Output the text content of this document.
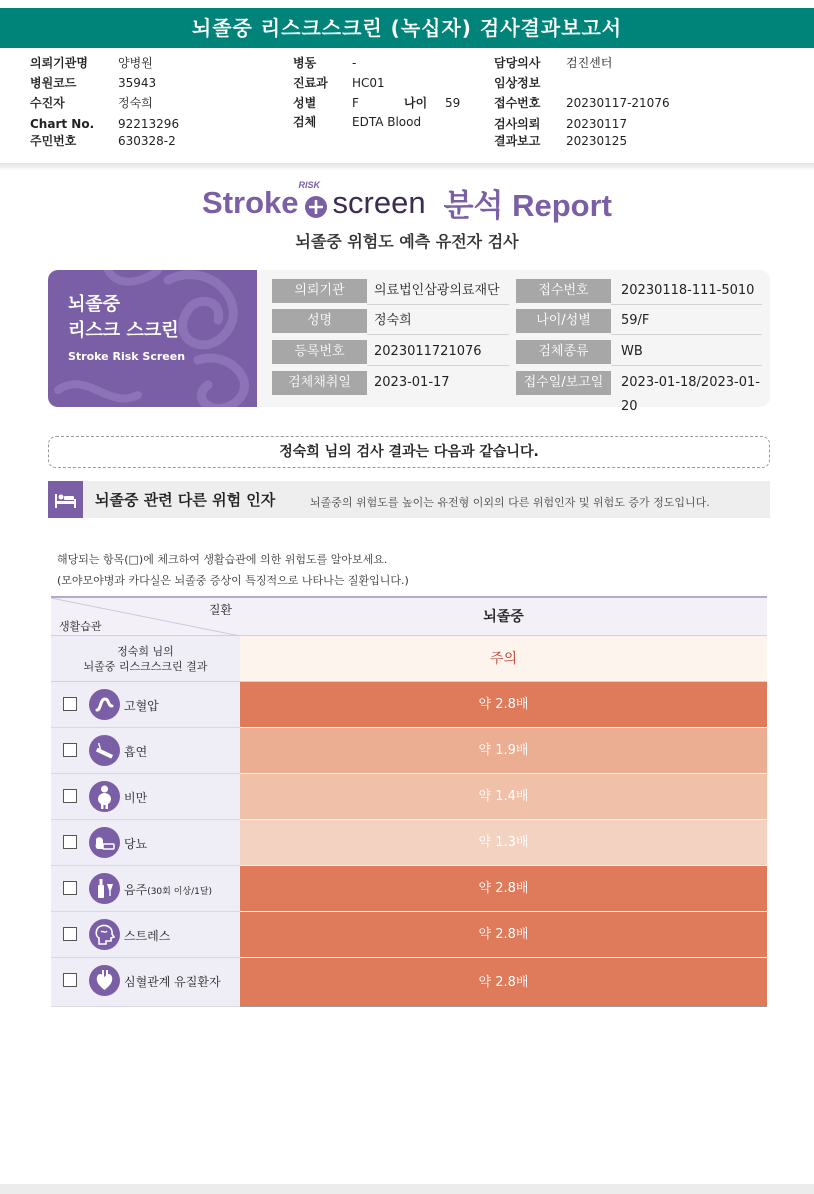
뇌졸중 리스크스크린 (녹십자) 검사결과보고서
의뢰기관명	양병원
병원코드	35943
수진자	정숙희
Chart No. 92213296
주민번호	630328-2
병동	-
진료과 HC01
성별	F	나이 59
검체	EDTA Blood
담당의사 검진센터
임상정보
접수번호 20230117-21076
검사의뢰 20230117
결과보고 20230125
Stroke RISK screen 분석 Report
뇌졸중 위험도 예측 유전자 검사
뇌졸중
리스크 스크린
Stroke Risk Screen
의뢰기관	의료법인삼광의료재단	접수번호	20230118-111-5010
성명	정숙희	나이/성별	59/F
등록번호	2023011721076	검체종류	WB
검체채취일	2023-01-17	접수일/보고일	2023-01-18/2023-01-20
정숙희 님의 검사 결과는 다음과 같습니다.
뇌졸중 관련 다른 위험 인자	뇌졸중의 위험도를 높이는 유전형 이외의 다른 위험인자 및 위험도 증가 정도입니다.
해당되는 항목(□)에 체크하여 생활습관에 의한 위험도를 알아보세요.
(모야모야병과 카다실은 뇌졸중 증상이 특징적으로 나타나는 질환입니다.)
질환
생활습관
뇌졸중
정숙희 님의
뇌졸중 리스크스크린 결과	주의
고혈압	약 2.8배
흡연	약 1.9배
비만	약 1.4배
당뇨	약 1.3배
음주(30회 이상/1달)	약 2.8배
스트레스	약 2.8배
심혈관계 유질환자	약 2.8배
